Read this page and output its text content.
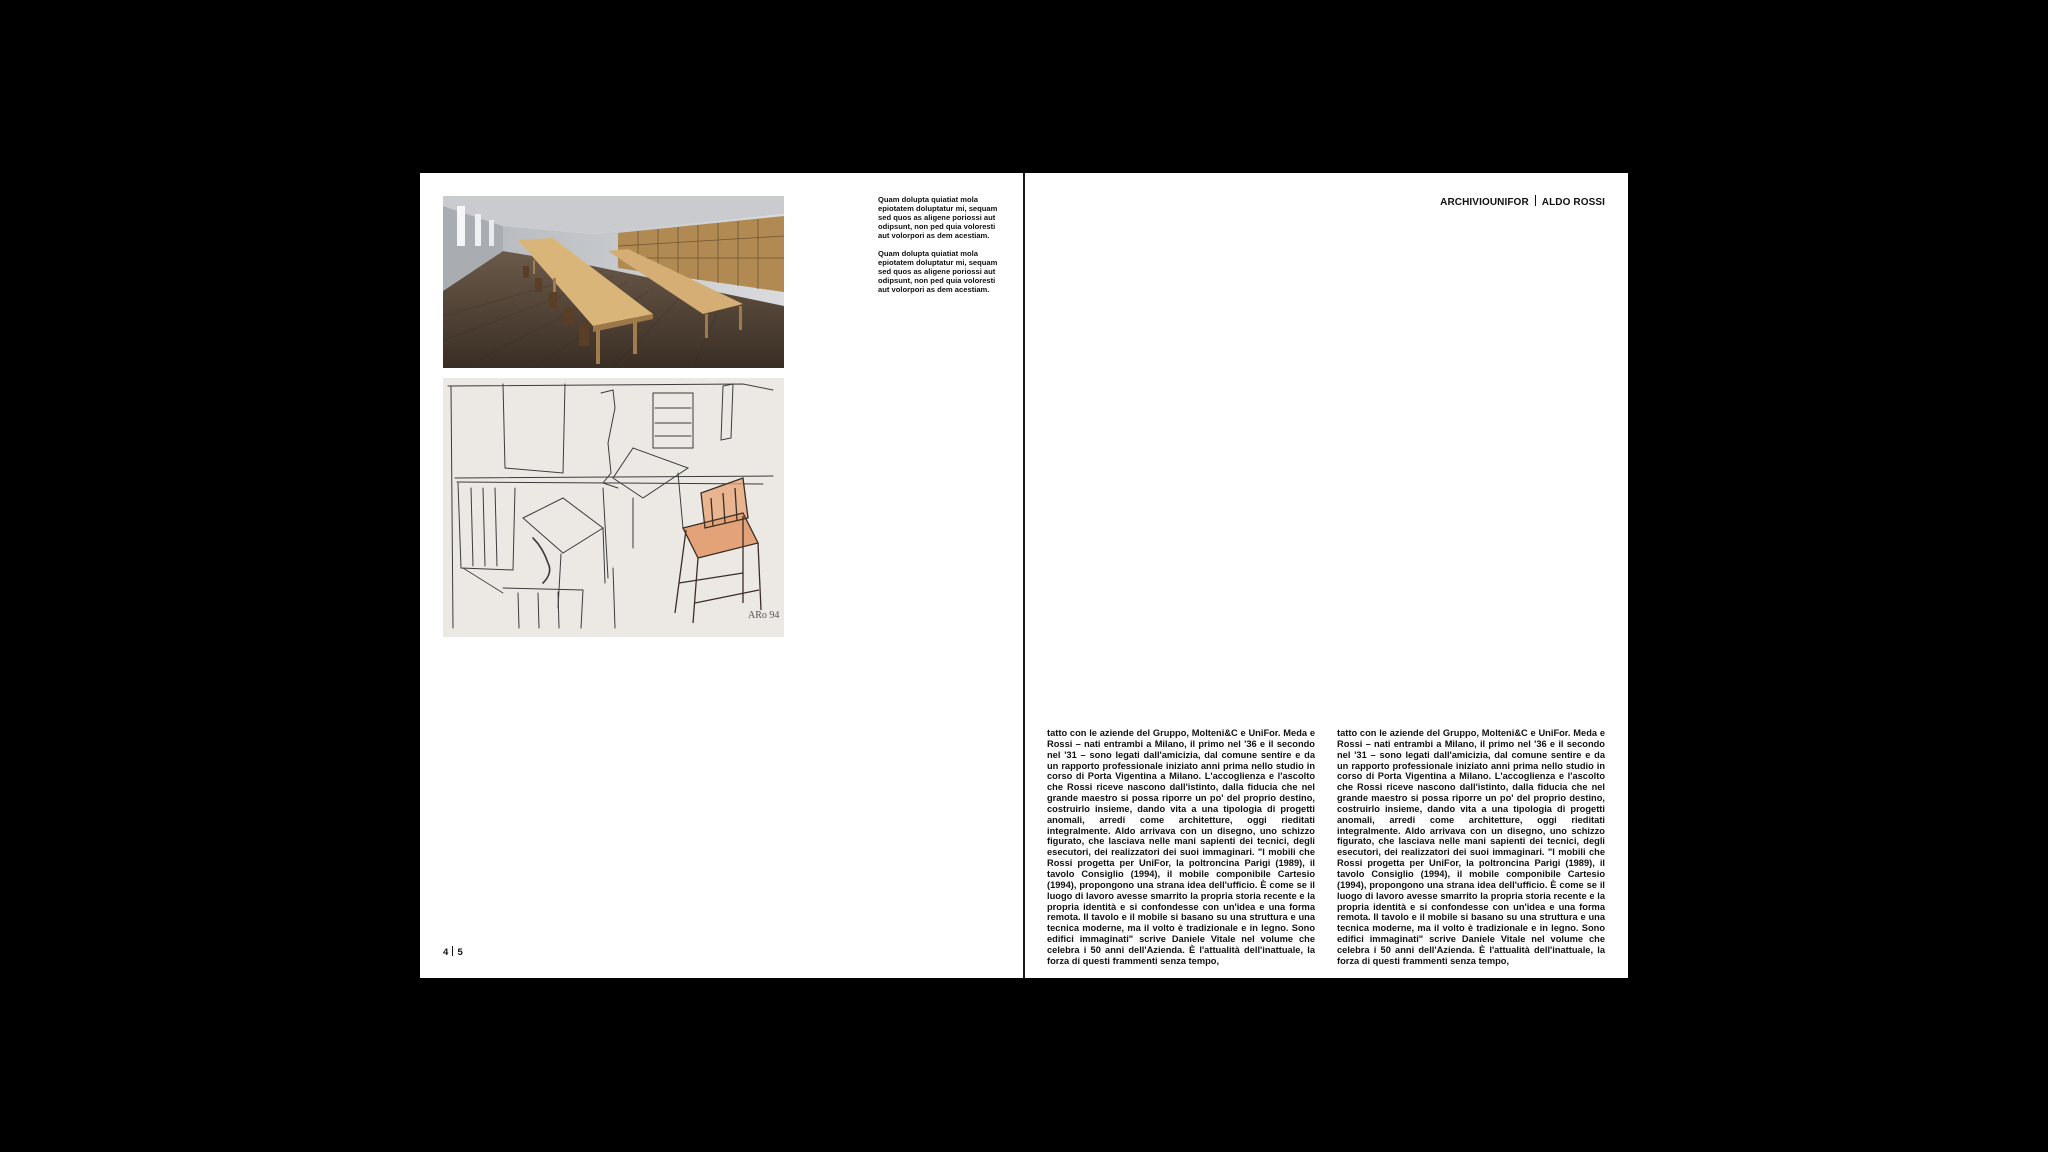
ARo 94

Quam dolupta quiatiat mola epiotatem doluptatur mi, sequam sed quos as aligene poriossi aut odipsunt, non ped quia voloresti aut volorpori as dem acestiam.

Quam dolupta quiatiat mola epiotatem doluptatur mi, sequam sed quos as aligene poriossi aut odipsunt, non ped quia voloresti aut volorpori as dem acestiam.

4 5
ARCHIVIOUNIFOR ALDO ROSSI

tatto con le aziende del Gruppo, Molteni&C e UniFor. Meda e Rossi – nati entrambi a Milano, il primo nel '36 e il secondo nel '31 – sono legati dall'amicizia, dal comune sentire e da un rapporto professionale iniziato anni prima nello studio in corso di Porta Vigentina a Milano. L'accoglienza e l'ascolto che Rossi riceve nascono dall'istinto, dalla fiducia che nel grande maestro si possa riporre un po' del proprio destino, costruirlo insieme, dando vita a una tipologia di progetti anomali, arredi come architetture, oggi rieditati integralmente. Aldo arrivava con un disegno, uno schizzo figurato, che lasciava nelle mani sapienti dei tecnici, degli esecutori, dei realizzatori dei suoi immaginari. "I mobili che Rossi progetta per UniFor, la poltroncina Parigi (1989), il tavolo Consiglio (1994), il mobile componibile Cartesio (1994), propongono una strana idea dell'ufficio. È come se il luogo di lavoro avesse smarrito la propria storia recente e la propria identità e si confondesse con un'idea e una forma remota. Il tavolo e il mobile si basano su una struttura e una tecnica moderne, ma il volto è tradizionale e in legno. Sono edifici immaginati" scrive Daniele Vitale nel volume che celebra i 50 anni dell'Azienda. È l'attualità dell'inattuale, la forza di questi frammenti senza tempo,

tatto con le aziende del Gruppo, Molteni&C e UniFor. Meda e Rossi – nati entrambi a Milano, il primo nel '36 e il secondo nel '31 – sono legati dall'amicizia, dal comune sentire e da un rapporto professionale iniziato anni prima nello studio in corso di Porta Vigentina a Milano. L'accoglienza e l'ascolto che Rossi riceve nascono dall'istinto, dalla fiducia che nel grande maestro si possa riporre un po' del proprio destino, costruirlo insieme, dando vita a una tipologia di progetti anomali, arredi come architetture, oggi rieditati integralmente. Aldo arrivava con un disegno, uno schizzo figurato, che lasciava nelle mani sapienti dei tecnici, degli esecutori, dei realizzatori dei suoi immaginari. "I mobili che Rossi progetta per UniFor, la poltroncina Parigi (1989), il tavolo Consiglio (1994), il mobile componibile Cartesio (1994), propongono una strana idea dell'ufficio. È come se il luogo di lavoro avesse smarrito la propria storia recente e la propria identità e si confondesse con un'idea e una forma remota. Il tavolo e il mobile si basano su una struttura e una tecnica moderne, ma il volto è tradizionale e in legno. Sono edifici immaginati" scrive Daniele Vitale nel volume che celebra i 50 anni dell'Azienda. È l'attualità dell'inattuale, la forza di questi frammenti senza tempo,
